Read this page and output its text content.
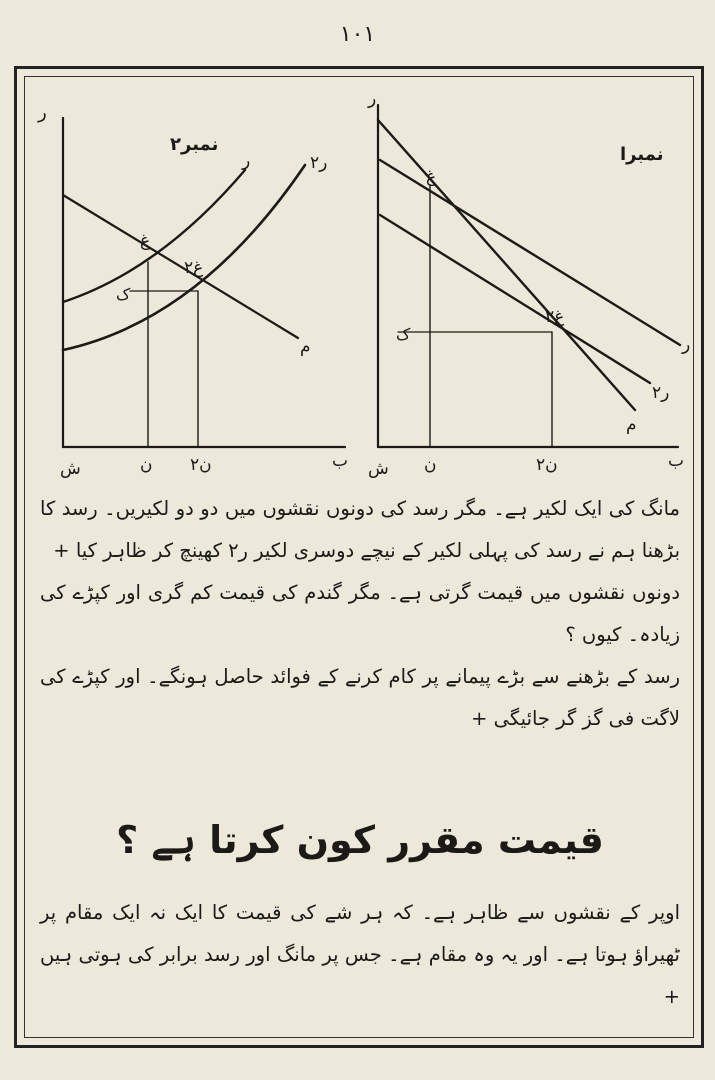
١٠١
ر
نمبر٢
ر	ر٢
غ
غ٢
ک
م
ش	ن ن٢	ب
ر
نمبرا
غ
ک
غ٢
ر
ر٢
م
ش ن	ن٢	ب

مانگ کی ایک لکیر ہے۔ مگر رسد کی دونوں نقشوں میں دو دو لکیریں۔ رسد کا بڑھنا ہم نے رسد کی پہلی لکیر کے نیچے دوسری لکیر ر٢ کھینچ کر ظاہر کیا +

دونوں نقشوں میں قیمت گرتی ہے۔ مگر گندم کی قیمت کم گری اور کپڑے کی زیادہ۔ کیوں ؟

رسد کے بڑھنے سے بڑے پیمانے پر کام کرنے کے فوائد حاصل ہونگے۔ اور کپڑے کی لاگت فی گز گر جائیگی +

قیمت مقرر کون کرتا ہے ؟

اوپر کے نقشوں سے ظاہر ہے۔ کہ ہر شے کی قیمت کا ایک نہ ایک مقام پر ٹھیراؤ ہوتا ہے۔ اور یہ وہ مقام ہے۔ جس پر مانگ اور رسد برابر کی ہوتی ہیں +
